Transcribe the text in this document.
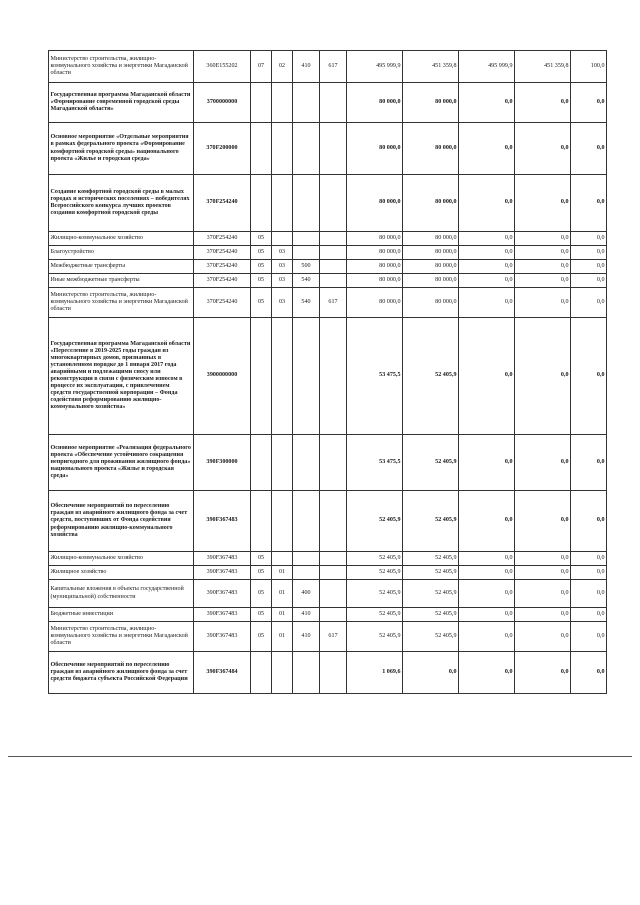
Министерство строительства, жилищно-коммунального хозяйства и энергетики Магаданской области	360E155202	07	02	410	617	495 999,9	451 359,8	495 999,9	451 359,8	100,0
Государственная программа Магаданской области «Формирование современной городской среды Магаданской области»	3700000000					80 000,0	80 000,0	0,0	0,0	0,0
Основное мероприятие «Отдельные мероприятия в рамках федерального проекта «Формирование комфортной городской среды» национального проекта «Жилье и городская среда»	370F200000					80 000,0	80 000,0	0,0	0,0	0,0
Создание комфортной городской среды в малых городах и исторических поселениях – победителях Всероссийского конкурса лучших проектов создания комфортной городской среды	370F254240					80 000,0	80 000,0	0,0	0,0	0,0
Жилищно-коммунальное хозяйство	370F254240	05				80 000,0	80 000,0	0,0	0,0	0,0
Благоустройство	370F254240	05	03			80 000,0	80 000,0	0,0	0,0	0,0
Межбюджетные трансферты	370F254240	05	03	500		80 000,0	80 000,0	0,0	0,0	0,0
Иные межбюджетные трансферты	370F254240	05	03	540		80 000,0	80 000,0	0,0	0,0	0,0
Министерство строительства, жилищно-коммунального хозяйства и энергетики Магаданской области	370F254240	05	03	540	617	80 000,0	80 000,0	0,0	0,0	0,0
Государственная программа Магаданской области «Переселение в 2019-2025 годы граждан из многоквартирных домов, признанных в установленном порядке до 1 января 2017 года аварийными и подлежащими сносу или реконструкции в связи с физическим износом в процессе их эксплуатации, с привлечением средств государственной корпорации – Фонда содействия реформированию жилищно-коммунального хозяйства»	3900000000					53 475,5	52 405,9	0,0	0,0	0,0
Основное мероприятие «Реализация федерального проекта «Обеспечение устойчивого сокращения непригодного для проживания жилищного фонда» национального проекта «Жилье и городская среда»	390F300000					53 475,5	52 405,9	0,0	0,0	0,0
Обеспечение мероприятий по переселению граждан из аварийного жилищного фонда за счет средств, поступивших от Фонда содействия реформированию жилищно-коммунального хозяйства	390F367483					52 405,9	52 405,9	0,0	0,0	0,0
Жилищно-коммунальное хозяйство	390F367483	05				52 405,9	52 405,9	0,0	0,0	0,0
Жилищное хозяйство	390F367483	05	01			52 405,9	52 405,9	0,0	0,0	0,0
Капитальные вложения в объекты государственной (муниципальной) собственности	390F367483	05	01	400		52 405,9	52 405,9	0,0	0,0	0,0
Бюджетные инвестиции	390F367483	05	01	410		52 405,9	52 405,9	0,0	0,0	0,0
Министерство строительства, жилищно-коммунального хозяйства и энергетики Магаданской области	390F367483	05	01	410	617	52 405,9	52 405,9	0,0	0,0	0,0
Обеспечение мероприятий по переселению граждан из аварийного жилищного фонда за счет средств бюджета субъекта Российской Федерации	390F367484					1 069,6	0,0	0,0	0,0	0,0
